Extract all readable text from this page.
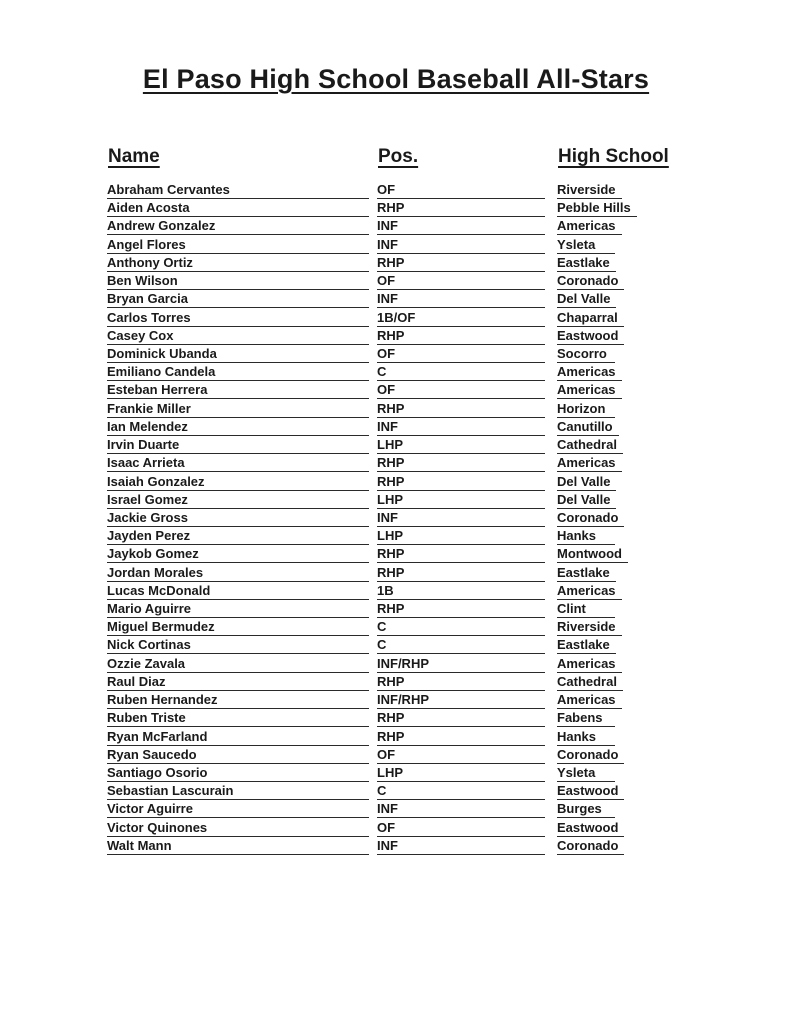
El Paso High School Baseball All-Stars
Name	Pos.	High School
Abraham Cervantes	OF	Riverside
Aiden Acosta	RHP	Pebble Hills
Andrew Gonzalez	INF	Americas
Angel Flores	INF	Ysleta
Anthony Ortiz	RHP	Eastlake
Ben Wilson	OF	Coronado
Bryan Garcia	INF	Del Valle
Carlos Torres	1B/OF	Chaparral
Casey Cox	RHP	Eastwood
Dominick Ubanda	OF	Socorro
Emiliano Candela	C	Americas
Esteban Herrera	OF	Americas
Frankie Miller	RHP	Horizon
Ian Melendez	INF	Canutillo
Irvin Duarte	LHP	Cathedral
Isaac Arrieta	RHP	Americas
Isaiah Gonzalez	RHP	Del Valle
Israel Gomez	LHP	Del Valle
Jackie Gross	INF	Coronado
Jayden Perez	LHP	Hanks
Jaykob Gomez	RHP	Montwood
Jordan Morales	RHP	Eastlake
Lucas McDonald	1B	Americas
Mario Aguirre	RHP	Clint
Miguel Bermudez	C	Riverside
Nick Cortinas	C	Eastlake
Ozzie Zavala	INF/RHP	Americas
Raul Diaz	RHP	Cathedral
Ruben Hernandez	INF/RHP	Americas
Ruben Triste	RHP	Fabens
Ryan McFarland	RHP	Hanks
Ryan Saucedo	OF	Coronado
Santiago Osorio	LHP	Ysleta
Sebastian Lascurain	C	Eastwood
Victor Aguirre	INF	Burges
Victor Quinones	OF	Eastwood
Walt Mann	INF	Coronado
